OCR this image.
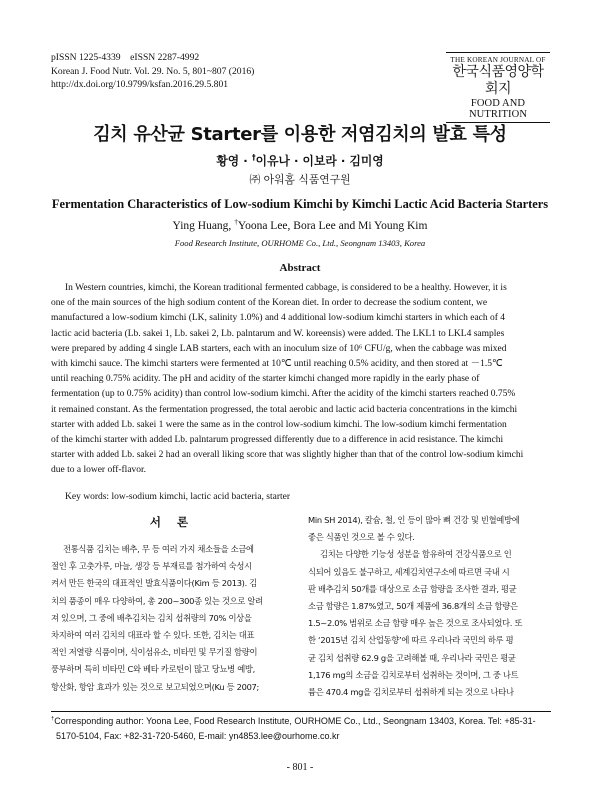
pISSN 1225-4339    eISSN 2287-4992
Korean J. Food Nutr. Vol. 29. No. 5, 801~807 (2016)
http://dx.doi.org/10.9799/ksfan.2016.29.5.801
THE KOREAN JOURNAL OF
한국식품영양학회지
FOOD AND NUTRITION
김치 유산균 Starter를 이용한 저염김치의 발효 특성
황영 · †이유나 · 이보라 · 김미영
㈜ 아워홈 식품연구원
Fermentation Characteristics of Low-sodium Kimchi by Kimchi Lactic Acid Bacteria Starters
Ying Huang, †Yoona Lee, Bora Lee and Mi Young Kim
Food Research Institute, OURHOME Co., Ltd., Seongnam 13403, Korea
Abstract
In Western countries, kimchi, the Korean traditional fermented cabbage, is considered to be a healthy. However, it is
one of the main sources of the high sodium content of the Korean diet. In order to decrease the sodium content, we
manufactured a low-sodium kimchi (LK, salinity 1.0%) and 4 additional low-sodium kimchi starters in which each of 4
lactic acid bacteria (Lb. sakei 1, Lb. sakei 2, Lb. palntarum and W. koreensis) were added. The LKL1 to LKL4 samples
were prepared by adding 4 single LAB starters, each with an inoculum size of 10⁶ CFU/g, when the cabbage was mixed
with kimchi sauce. The kimchi starters were fermented at 10℃ until reaching 0.5% acidity, and then stored at －1.5℃
until reaching 0.75% acidity. The pH and acidity of the starter kimchi changed more rapidly in the early phase of
fermentation (up to 0.75% acidity) than control low-sodium kimchi. After the acidity of the kimchi starters reached 0.75%
it remained constant. As the fermentation progressed, the total aerobic and lactic acid bacteria concentrations in the kimchi
starter with added Lb. sakei 1 were the same as in the control low-sodium kimchi. The low-sodium kimchi fermentation
of the kimchi starter with added Lb. palntarum progressed differently due to a difference in acid resistance. The kimchi
starter with added Lb. sakei 2 had an overall liking score that was slightly higher than that of the control low-sodium kimchi
due to a lower off-flavor.
Key words: low-sodium kimchi, lactic acid bacteria, starter
서 론
전통식품 김치는 배추, 무 등 여러 가지 채소들을 소금에
절인 후 고춧가루, 마늘, 생강 등 부재료를 첨가하여 숙성시
켜서 만든 한국의 대표적인 발효식품이다(Kim 등 2013). 김
치의 품종이 매우 다양하여, 총 200~300종 있는 것으로 알려
져 있으며, 그 중에 배추김치는 김치 섭취량의 70% 이상을
차지하여 여러 김치의 대표라 할 수 있다. 또한, 김치는 대표
적인 저열량 식품이며, 식이섬유소, 비타민 및 무기질 함량이
풍부하며 특히 비타민 C와 베타 카로틴이 많고 당뇨병 예방,
항산화, 항암 효과가 있는 것으로 보고되었으며(Ku 등 2007;
Min SH 2014), 칼슘, 철, 인 등이 많아 뼈 건강 및 빈혈예방에
좋은 식품인 것으로 볼 수 있다.
김치는 다양한 기능성 성분을 함유하여 건강식품으로 인
식되어 있음도 불구하고, 세계김치연구소에 따르면 국내 시
판 배추김치 50개를 대상으로 소금 함량을 조사한 결과, 평균
소금 함량은 1.87%였고, 50개 제품에 36.8개의 소금 함량은
1.5~2.0% 범위로 소금 함량 매우 높은 것으로 조사되었다. 또
한 ‘2015년 김치 산업동향’에 따르 우리나라 국민의 하루 평
균 김치 섭취량 62.9 g을 고려해볼 때, 우리나라 국민은 평균
1,176 mg의 소금을 김치로부터 섭취하는 것이며, 그 중 나트
륨은 470.4 mg을 김치로부터 섭취하게 되는 것으로 나타나
†Corresponding author: Yoona Lee, Food Research Institute, OURHOME Co., Ltd., Seongnam 13403, Korea. Tel: +85-31-
5170-5104, Fax: +82-31-720-5460, E-mail: yn4853.lee@ourhome.co.kr
- 801 -
